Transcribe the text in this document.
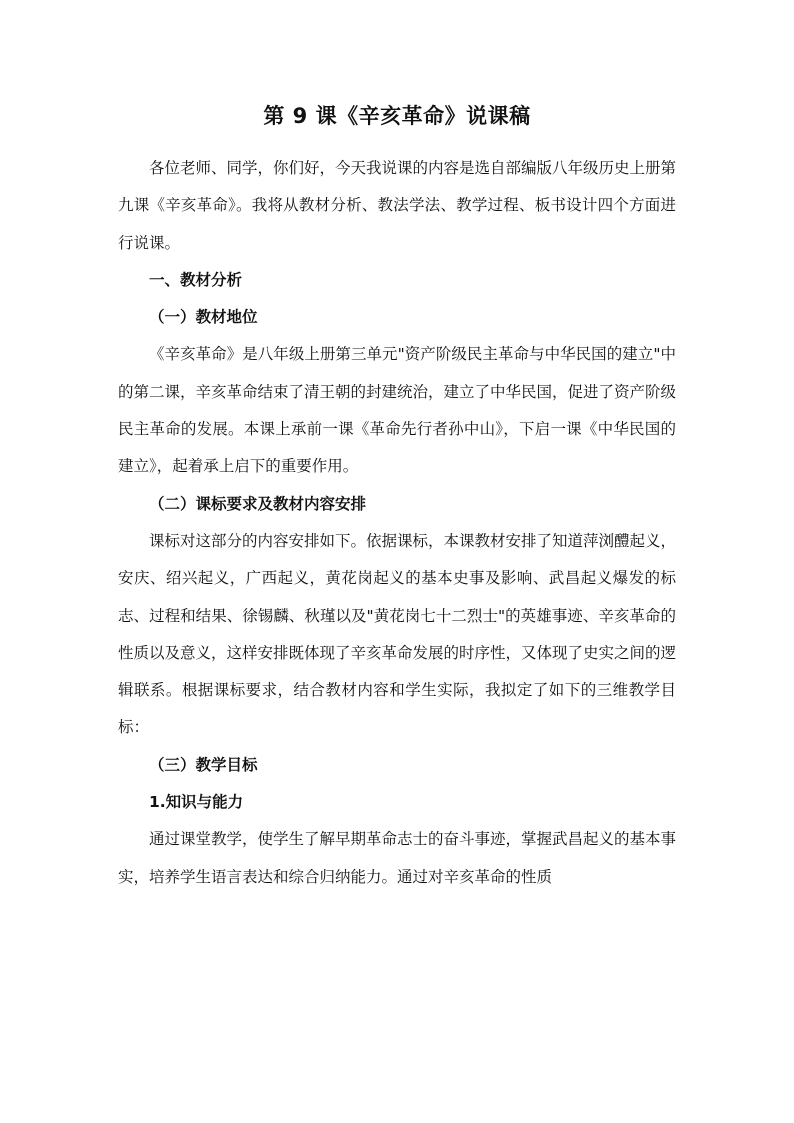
第 9 课《辛亥革命》说课稿

各位老师、同学，你们好，今天我说课的内容是选自部编版八年级历史上册第九课《辛亥革命》。我将从教材分析、教法学法、教学过程、板书设计四个方面进行说课。

一、教材分析

（一）教材地位

《辛亥革命》是八年级上册第三单元"资产阶级民主革命与中华民国的建立"中的第二课，辛亥革命结束了清王朝的封建统治，建立了中华民国，促进了资产阶级民主革命的发展。本课上承前一课《革命先行者孙中山》，下启一课《中华民国的建立》，起着承上启下的重要作用。

（二）课标要求及教材内容安排

课标对这部分的内容安排如下。依据课标，本课教材安排了知道萍浏醴起义，安庆、绍兴起义，广西起义，黄花岗起义的基本史事及影响、武昌起义爆发的标志、过程和结果、徐锡麟、秋瑾以及"黄花岗七十二烈士"的英雄事迹、辛亥革命的性质以及意义，这样安排既体现了辛亥革命发展的时序性，又体现了史实之间的逻辑联系。根据课标要求，结合教材内容和学生实际，我拟定了如下的三维教学目标：

（三）教学目标

1.知识与能力

通过课堂教学，使学生了解早期革命志士的奋斗事迹，掌握武昌起义的基本事实，培养学生语言表达和综合归纳能力。通过对辛亥革命的性质
